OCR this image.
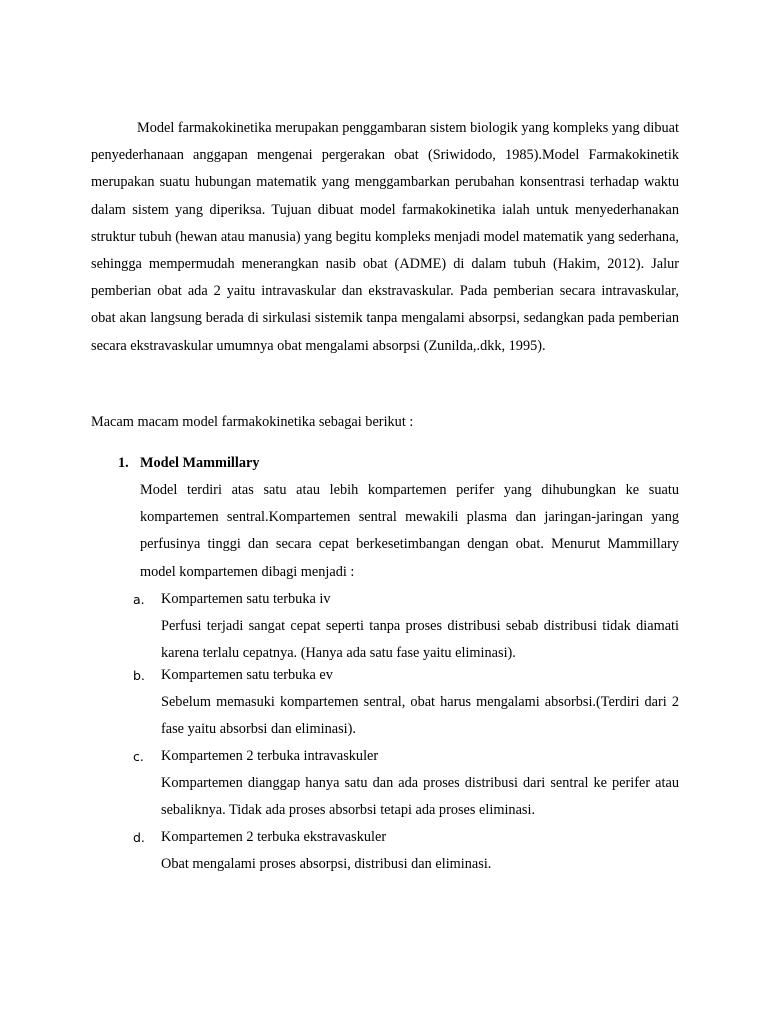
Model farmakokinetika merupakan penggambaran sistem biologik yang kompleks yang dibuat penyederhanaan anggapan mengenai pergerakan obat (Sriwidodo, 1985).Model Farmakokinetik merupakan suatu hubungan matematik yang menggambarkan perubahan konsentrasi terhadap waktu dalam sistem yang diperiksa. Tujuan dibuat model farmakokinetika ialah untuk menyederhanakan struktur tubuh (hewan atau manusia) yang begitu kompleks menjadi model matematik yang sederhana, sehingga mempermudah menerangkan nasib obat (ADME) di dalam tubuh (Hakim, 2012). Jalur pemberian obat ada 2 yaitu intravaskular dan ekstravaskular. Pada pemberian secara intravaskular, obat akan langsung berada di sirkulasi sistemik tanpa mengalami absorpsi, sedangkan pada pemberian secara ekstravaskular umumnya obat mengalami absorpsi (Zunilda,.dkk, 1995).

Macam macam model farmakokinetika sebagai berikut :

1. Model Mammillary

Model terdiri atas satu atau lebih kompartemen perifer yang dihubungkan ke suatu kompartemen sentral.Kompartemen sentral mewakili plasma dan jaringan-jaringan yang perfusinya tinggi dan secara cepat berkesetimbangan dengan obat. Menurut Mammillary model kompartemen dibagi menjadi :

a. Kompartemen satu terbuka iv

Perfusi terjadi sangat cepat seperti tanpa proses distribusi sebab distribusi tidak diamati karena terlalu cepatnya. (Hanya ada satu fase yaitu eliminasi).

b. Kompartemen satu terbuka ev

Sebelum memasuki kompartemen sentral, obat harus mengalami absorbsi.(Terdiri dari 2 fase yaitu absorbsi dan eliminasi).

c. Kompartemen 2 terbuka intravaskuler

Kompartemen dianggap hanya satu dan ada proses distribusi dari sentral ke perifer atau sebaliknya. Tidak ada proses absorbsi tetapi ada proses eliminasi.

d. Kompartemen 2 terbuka ekstravaskuler

Obat mengalami proses absorpsi, distribusi dan eliminasi.
